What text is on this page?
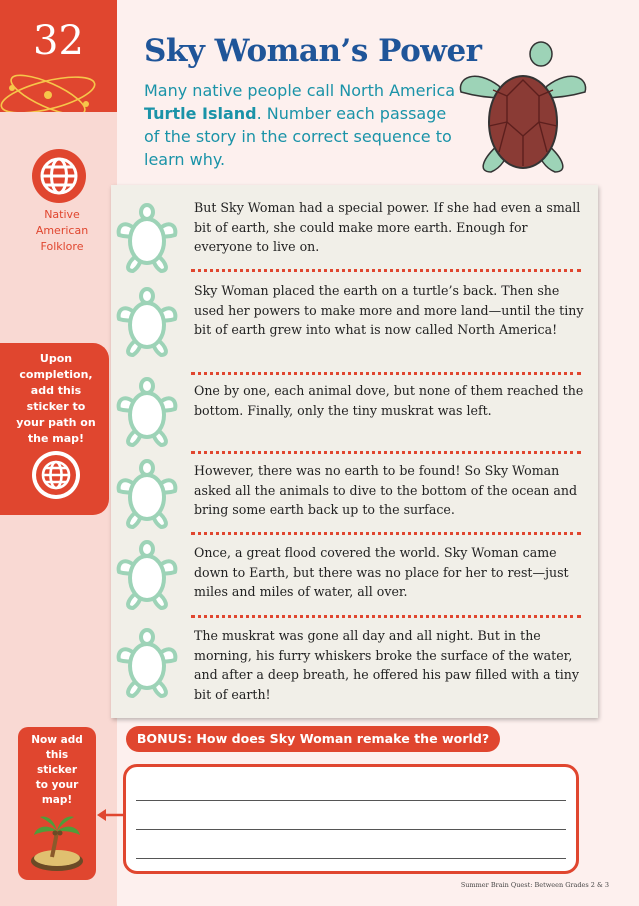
32
Native
American
Folklore
Upon
completion,
add this
sticker to
your path on
the map!
Sky Woman’s Power
Many native people call North America Turtle Island. Number each passage of the story in the correct sequence to learn why.
But Sky Woman had a special power. If she had even a small bit of earth, she could make more earth. Enough for everyone to live on.
Sky Woman placed the earth on a turtle’s back. Then she used her powers to make more and more land—until the tiny bit of earth grew into what is now called North America!
One by one, each animal dove, but none of them reached the bottom. Finally, only the tiny muskrat was left.
However, there was no earth to be found! So Sky Woman asked all the animals to dive to the bottom of the ocean and bring some earth back up to the surface.
Once, a great flood covered the world. Sky Woman came down to Earth, but there was no place for her to rest—just miles and miles of water, all over.
The muskrat was gone all day and all night. But in the morning, his furry whiskers broke the surface of the water, and after a deep breath, he offered his paw filled with a tiny bit of earth!
BONUS: How does Sky Woman remake the world?
Now add
this
sticker
to your
map!
Summer Brain Quest: Between Grades 2 & 3
